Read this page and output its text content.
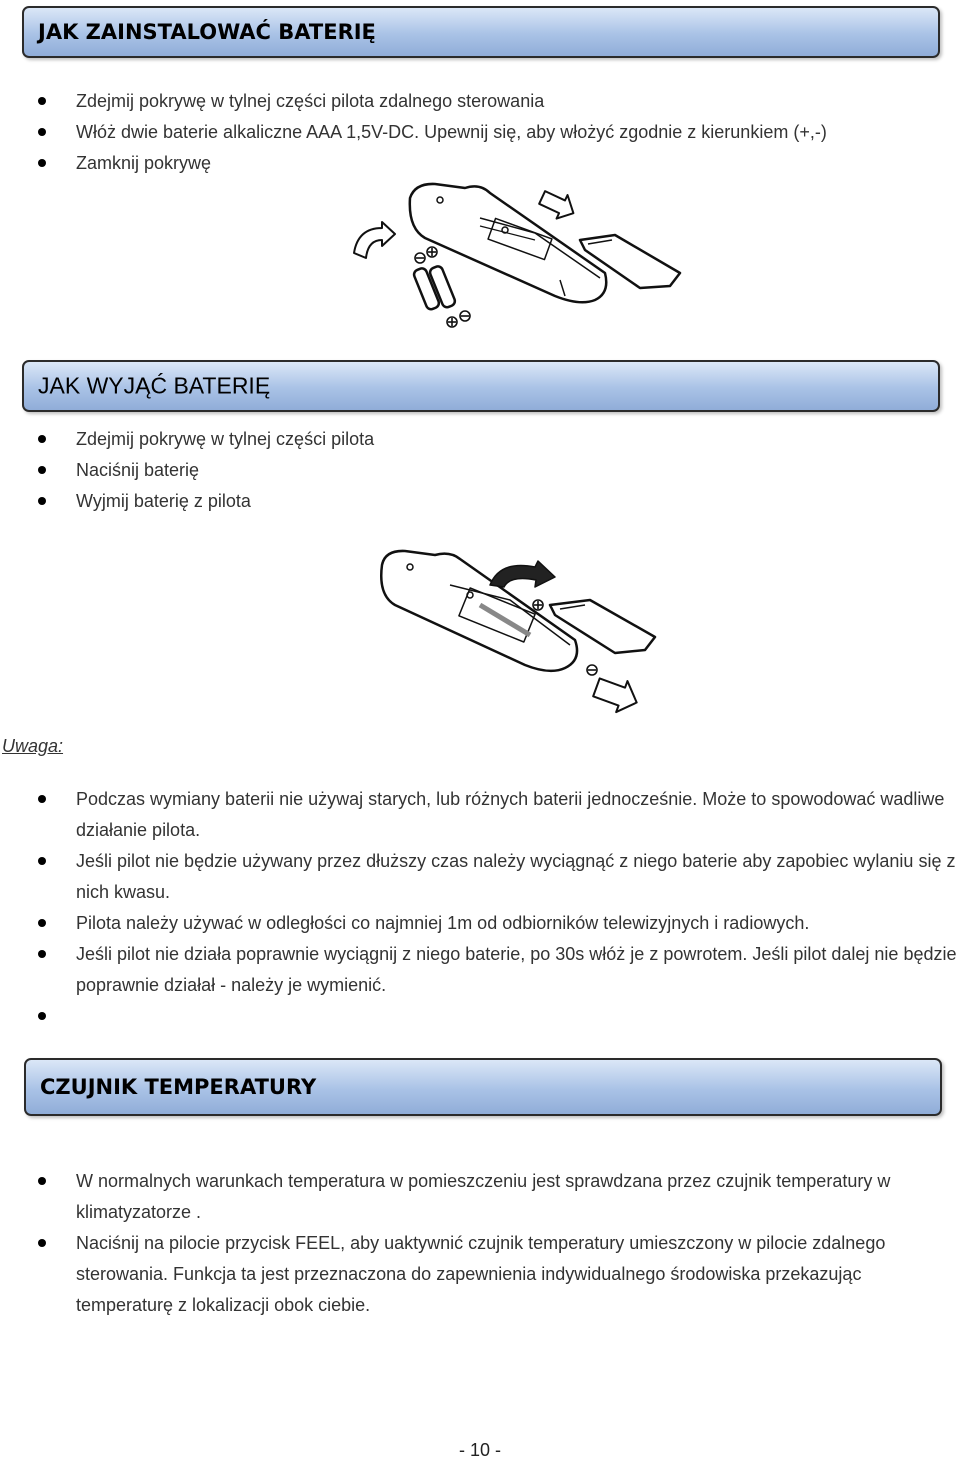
JAK ZAINSTALOWAĆ BATERIĘ
Zdejmij pokrywę w tylnej części pilota zdalnego sterowania
Włóż dwie baterie alkaliczne AAA 1,5V-DC. Upewnij się, aby włożyć zgodnie z kierunkiem (+,-)
Zamknij pokrywę
JAK WYJĄĆ BATERIĘ
Zdejmij pokrywę w tylnej części pilota
Naciśnij baterię
Wyjmij baterię z pilota
Uwaga:
Podczas wymiany baterii nie używaj starych, lub różnych baterii jednocześnie. Może to spowodować wadliwe działanie pilota.
Jeśli pilot nie będzie używany przez dłuższy czas należy wyciągnąć z niego baterie aby zapobiec wylaniu się z nich kwasu.
Pilota należy używać w odległości co najmniej 1m od odbiorników telewizyjnych i radiowych.
Jeśli pilot nie działa poprawnie wyciągnij z niego baterie, po 30s włóż je z powrotem. Jeśli pilot dalej nie będzie poprawnie działał - należy je wymienić.
CZUJNIK TEMPERATURY
W normalnych warunkach temperatura w pomieszczeniu jest sprawdzana przez czujnik temperatury w klimatyzatorze .
Naciśnij na pilocie przycisk FEEL, aby uaktywnić czujnik temperatury umieszczony w pilocie zdalnego sterowania. Funkcja ta jest przeznaczona do zapewnienia indywidualnego środowiska przekazując temperaturę z lokalizacji obok ciebie.
- 10 -
